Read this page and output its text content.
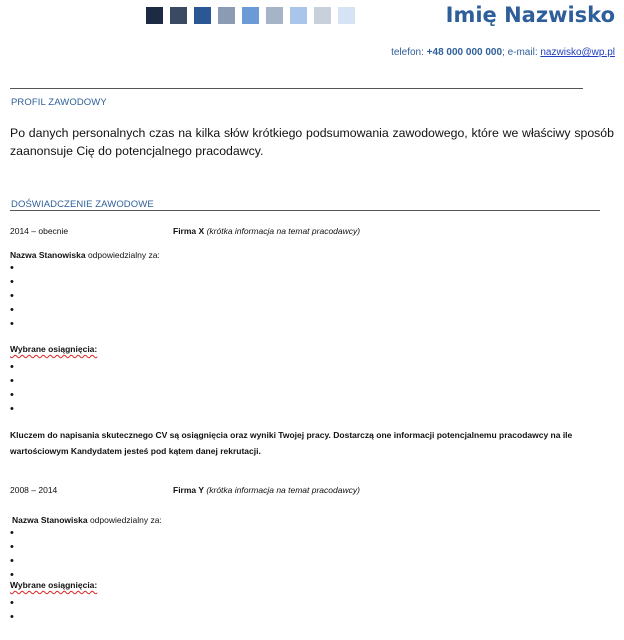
Imię Nazwisko
telefon: +48 000 000 000; e-mail: nazwisko@wp.pl
PROFIL ZAWODOWY
Po danych personalnych czas na kilka słów krótkiego podsumowania zawodowego, które we właściwy sposób zaanonsuje Cię do potencjalnego pracodawcy.
DOŚWIADCZENIE ZAWODOWE
2014 – obecnie	Firma X (krótka informacja na temat pracodawcy)
Nazwa Stanowiska odpowiedzialny za:
•
•
•
•
•
Wybrane osiągnięcia:
•
•
•
•
Kluczem do napisania skutecznego CV są osiągnięcia oraz wyniki Twojej pracy. Dostarczą one informacji potencjalnemu pracodawcy na ile wartościowym Kandydatem jesteś pod kątem danej rekrutacji.
2008 – 2014	Firma Y (krótka informacja na temat pracodawcy)
Nazwa Stanowiska odpowiedzialny za:
•
•
•
•
Wybrane osiągnięcia:
•
•
